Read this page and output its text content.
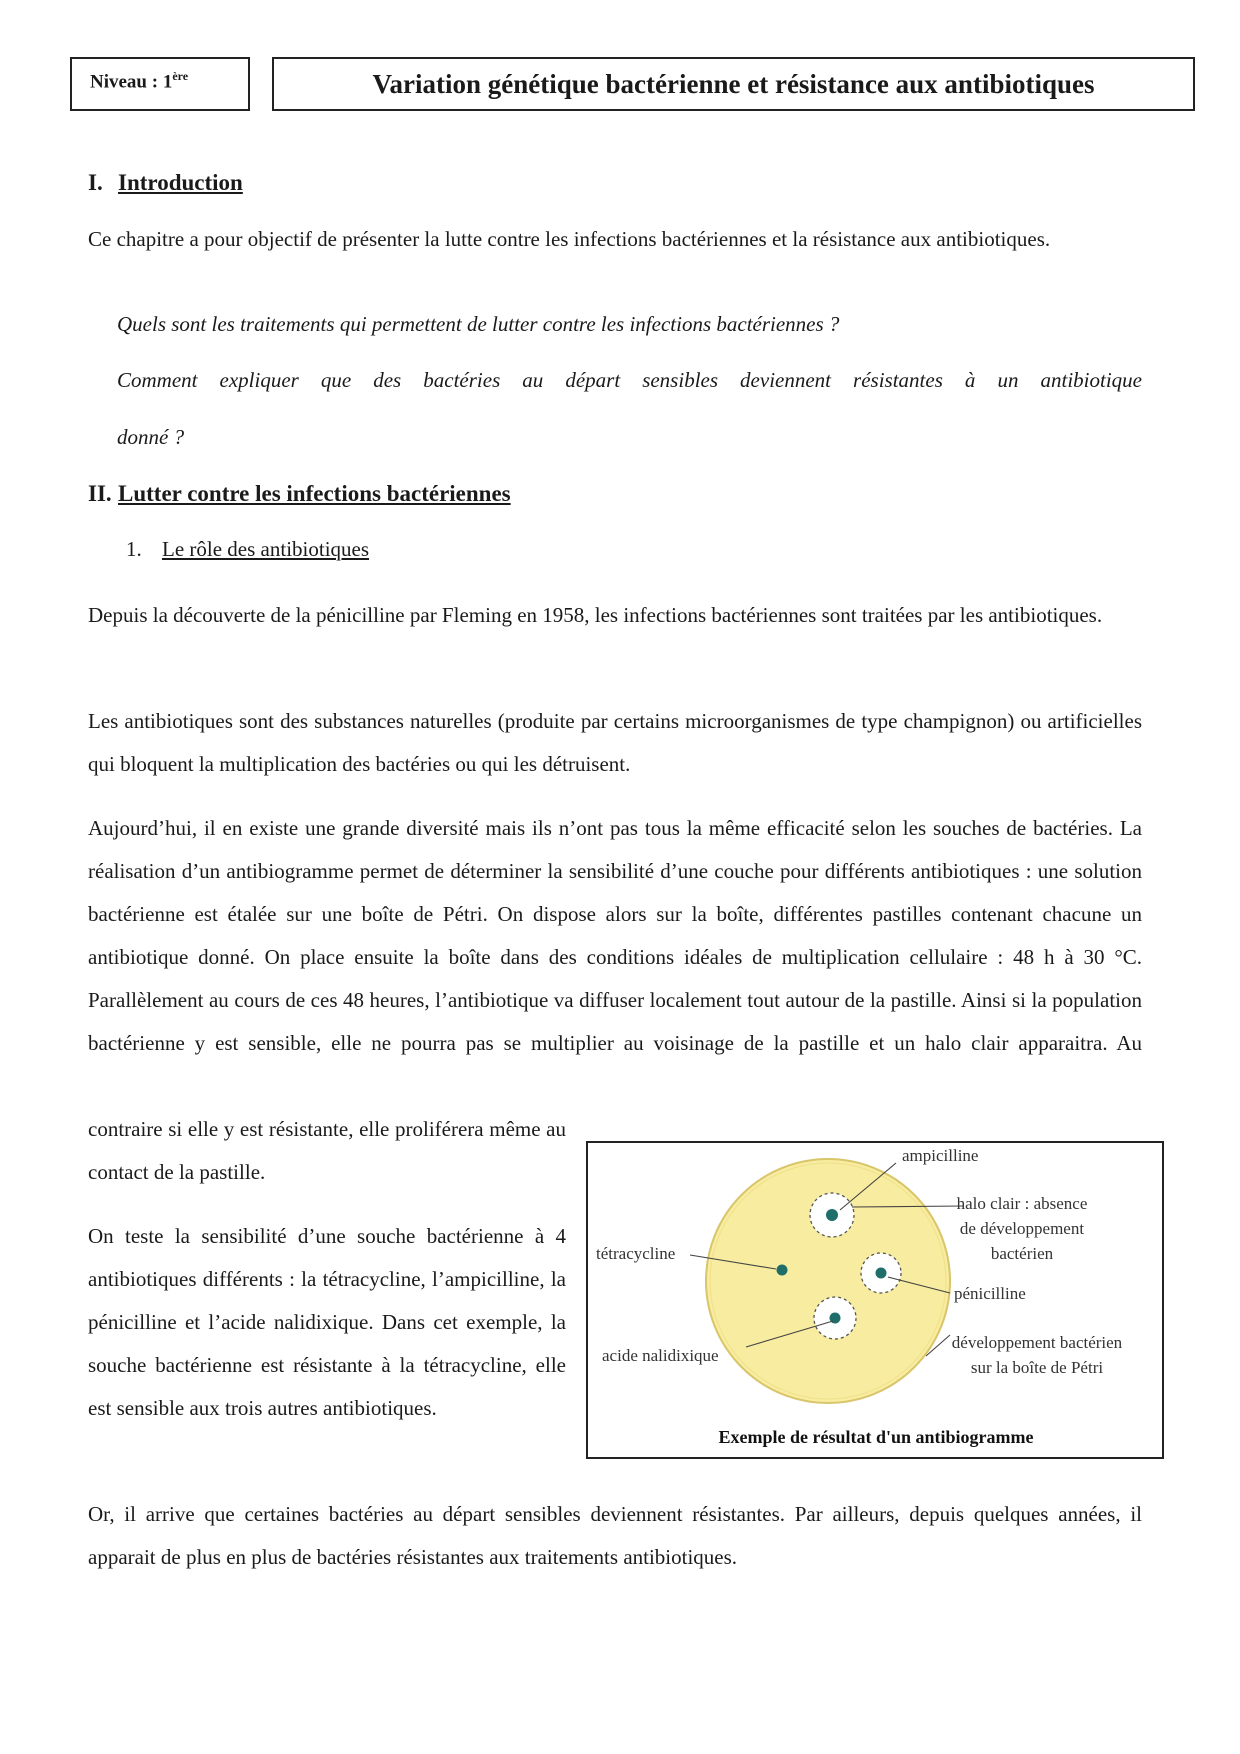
Niveau : 1ère	Variation génétique bactérienne et résistance aux antibiotiques
I. Introduction
Ce chapitre a pour objectif de présenter la lutte contre les infections bactériennes et la résistance aux antibiotiques.
Quels sont les traitements qui permettent de lutter contre les infections bactériennes ?
Comment expliquer que des bactéries au départ sensibles deviennent résistantes à un antibiotique
donné ?
II. Lutter contre les infections bactériennes
1. Le rôle des antibiotiques
Depuis la découverte de la pénicilline par Fleming en 1958, les infections bactériennes sont traitées par les antibiotiques.
Les antibiotiques sont des substances naturelles (produite par certains microorganismes de type champignon) ou artificielles qui bloquent la multiplication des bactéries ou qui les détruisent.
Aujourd’hui, il en existe une grande diversité mais ils n’ont pas tous la même efficacité selon les souches de bactéries. La réalisation d’un antibiogramme permet de déterminer la sensibilité d’une couche pour différents antibiotiques : une solution bactérienne est étalée sur une boîte de Pétri. On dispose alors sur la boîte, différentes pastilles contenant chacune un antibiotique donné. On place ensuite la boîte dans des conditions idéales de multiplication cellulaire : 48 h à 30 °C. Parallèlement au cours de ces 48 heures, l’antibiotique va diffuser localement tout autour de la pastille. Ainsi si la population bactérienne y est sensible, elle ne pourra pas se multiplier au voisinage de la pastille et un halo clair apparaitra. Au
contraire si elle y est résistante, elle proliférera même au contact de la pastille.
On teste la sensibilité d’une souche bactérienne à 4 antibiotiques différents : la tétracycline, l’ampicilline, la pénicilline et l’acide nalidixique. Dans cet exemple, la souche bactérienne est résistante à la tétracycline, elle est sensible aux trois autres antibiotiques.
Or, il arrive que certaines bactéries au départ sensibles deviennent résistantes. Par ailleurs, depuis quelques années, il apparait de plus en plus de bactéries résistantes aux traitements antibiotiques.
ampicilline
halo clair : absence
de développement
bactérien
tétracycline
pénicilline
développement bactérien
sur la boîte de Pétri
acide nalidixique
Exemple de résultat d'un antibiogramme
